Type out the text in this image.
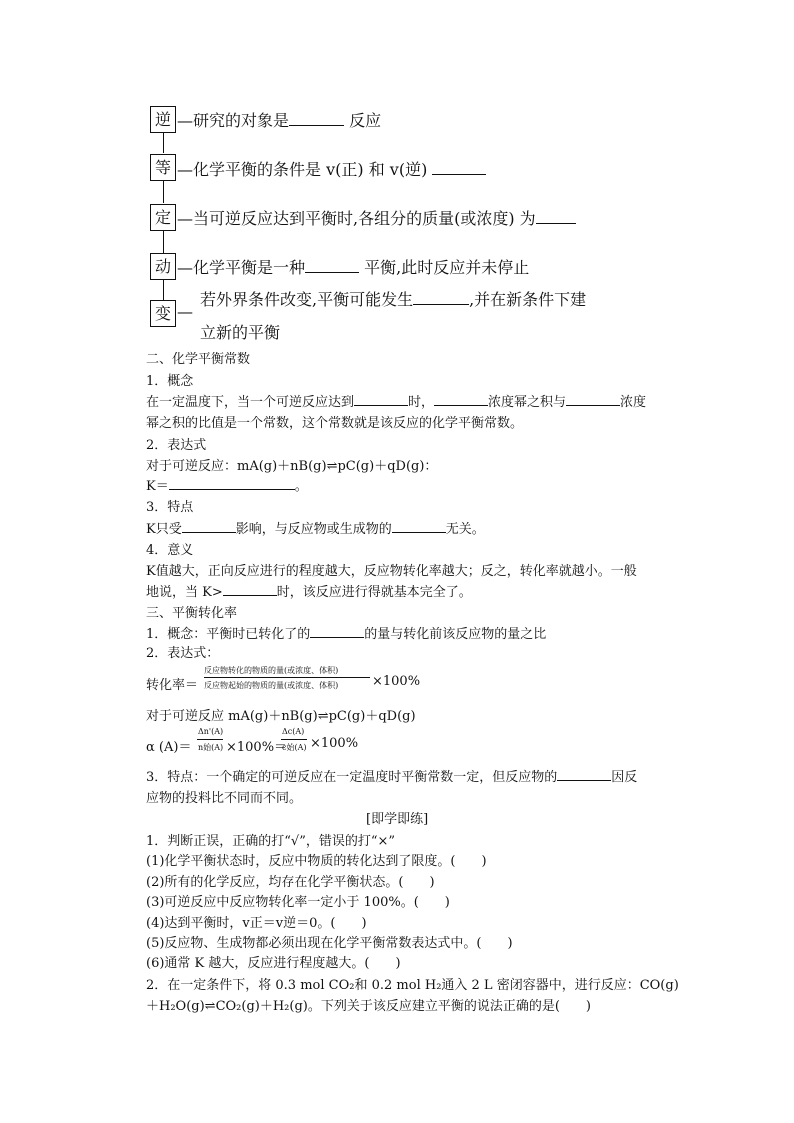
逆 —研究的对象是	反应
等 —化学平衡的条件是 v(正) 和 v(逆)
定 —当可逆反应达到平衡时,各组分的质量(或浓度) 为
动 —化学平衡是一种	平衡,此时反应并未停止
变 —
若外界条件改变,平衡可能发生	,并在新条件下建
立新的平衡
二、化学平衡常数
1．概念
在一定温度下，当一个可逆反应达到	时，	浓度幂之积与	浓度
幂之积的比值是一个常数，这个常数就是该反应的化学平衡常数。
2．表达式
对于可逆反应：mA(g)＋nB(g)⇌pC(g)＋qD(g)：
K＝	。
3．特点
K只受	影响，与反应物或生成物的	无关。
4．意义
K值越大，正向反应进行的程度越大，反应物转化率越大；反之，转化率就越小。一般
地说，当 K>	时，该反应进行得就基本完全了。
三、平衡转化率
1．概念：平衡时已转化了的	的量与转化前该反应物的量之比
2．表达式：
转化率＝
反应物转化的物质的量(或浓度、体积)
反应物起始的物质的量(或浓度、体积)	×100%
对于可逆反应 mA(g)＋nB(g)⇌pC(g)＋qD(g)
α (A)＝
Δn'(A)
n始(A) ×100%＝
Δc(A)
c始(A) ×100%
3．特点：一个确定的可逆反应在一定温度时平衡常数一定，但反应物的	因反
应物的投料比不同而不同。
[即学即练]
1．判断正误，正确的打“√”，错误的打“×”
(1)化学平衡状态时，反应中物质的转化达到了限度。(　　)
(2)所有的化学反应，均存在化学平衡状态。(　　)
(3)可逆反应中反应物转化率一定小于 100%。(　　)
(4)达到平衡时，v正＝v逆＝0。(　　)
(5)反应物、生成物都必须出现在化学平衡常数表达式中。(　　)
(6)通常 K 越大，反应进行程度越大。(　　)
2．在一定条件下，将 0.3 mol CO₂和 0.2 mol H₂通入 2 L 密闭容器中，进行反应：CO(g)
＋H₂O(g)⇌CO₂(g)＋H₂(g)。下列关于该反应建立平衡的说法正确的是(　　)
